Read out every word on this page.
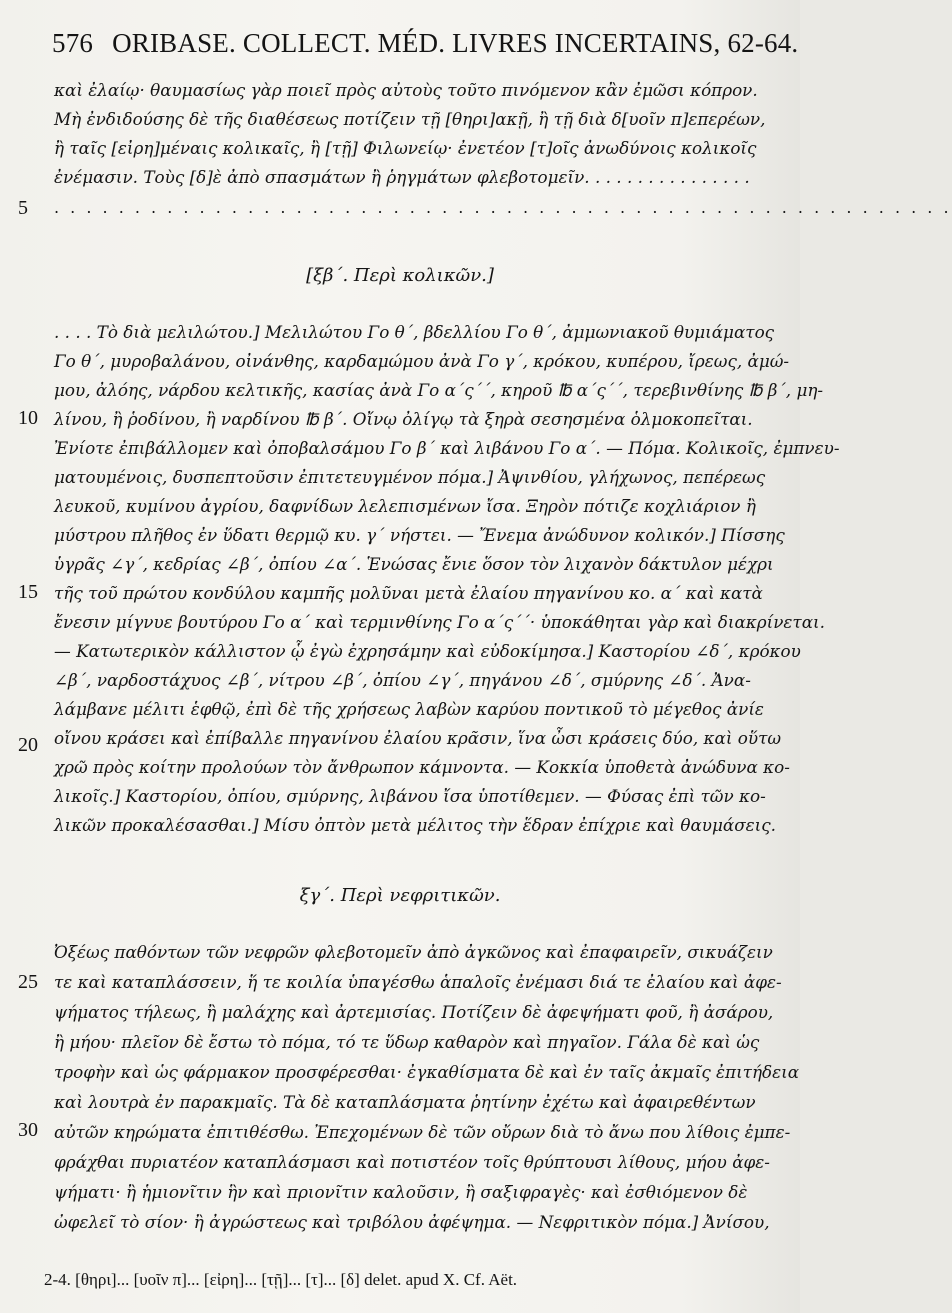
576 ORIBASE. COLLECT. MÉD. LIVRES INCERTAINS, 62-64.
5
10
15
20
25
30
καὶ ἐλαίῳ· θαυμασίως γὰρ ποιεῖ πρὸς αὐτοὺς τοῦτο πινόμενον κἂν ἐμῶσι κόπρον.
Μὴ ἐνδιδούσης δὲ τῆς διαθέσεως ποτίζειν τῇ [θηρι]ακῇ, ἢ τῇ διὰ δ[υοῖν π]επερέων,
ἢ ταῖς [εἰρη]μέναις κολικαῖς, ἢ [τῇ] Φιλωνείῳ· ἐνετέον [τ]οῖς ἀνωδύνοις κολικοῖς
ἐνέμασιν. Τοὺς [δ]ὲ ἀπὸ σπασμάτων ἢ ῥηγμάτων φλεβοτομεῖν. . . . . . . . . . . . . . . .
. . . . . . . . . . . . . . . . . . . . . . . . . . . . . . . . . . . . . . . . . . . . . . . . . . . . . . . .
[ξβ΄. Περὶ κολικῶν.]
. . . . Τὸ διὰ μελιλώτου.] Μελιλώτου Γο θ΄, βδελλίου Γο θ΄, ἀμμωνιακοῦ θυμιάματος
Γο θ΄, μυροβαλάνου, οἰνάνθης, καρδαμώμου ἀνὰ Γο γ΄, κρόκου, κυπέρου, ἴρεως, ἀμώ-
μου, ἀλόης, νάρδου κελτικῆς, κασίας ἀνὰ Γο α΄ς΄΄, κηροῦ ℔ α΄ς΄΄, τερεβινθίνης ℔ β΄, μη-
λίνου, ἢ ῥοδίνου, ἢ ναρδίνου ℔ β΄. Οἴνῳ ὀλίγῳ τὰ ξηρὰ σεσησμένα ὁλμοκοπεῖται.
Ἐνίοτε ἐπιβάλλομεν καὶ ὀποβαλσάμου Γο β΄ καὶ λιβάνου Γο α΄. — Πόμα. Κολικοῖς, ἐμπνευ-
ματουμένοις, δυσπεπτοῦσιν ἐπιτετευγμένον πόμα.] Ἀψινθίου, γλήχωνος, πεπέρεως
λευκοῦ, κυμίνου ἀγρίου, δαφνίδων λελεπισμένων ἴσα. Ξηρὸν πότιζε κοχλιάριον ἢ
μύστρου πλῆθος ἐν ὕδατι θερμῷ κυ. γ΄ νήστει. — Ἔνεμα ἀνώδυνον κολικόν.] Πίσσης
ὑγρᾶς ∠γ΄, κεδρίας ∠β΄, ὀπίου ∠α΄. Ἑνώσας ἔνιε ὅσον τὸν λιχανὸν δάκτυλον μέχρι
τῆς τοῦ πρώτου κονδύλου καμπῆς μολῦναι μετὰ ἐλαίου πηγανίνου κο. α΄ καὶ κατὰ
ἔνεσιν μίγνυε βουτύρου Γο α΄ καὶ τερμινθίνης Γο α΄ς΄΄· ὑποκάθηται γὰρ καὶ διακρίνεται.
— Κατωτερικὸν κάλλιστον ᾧ ἐγὼ ἐχρησάμην καὶ εὐδοκίμησα.] Καστορίου ∠δ΄, κρόκου
∠β΄, ναρδοστάχυος ∠β΄, νίτρου ∠β΄, ὀπίου ∠γ΄, πηγάνου ∠δ΄, σμύρνης ∠δ΄. Ἀνα-
λάμβανε μέλιτι ἑφθῷ, ἐπὶ δὲ τῆς χρήσεως λαβὼν καρύου ποντικοῦ τὸ μέγεθος ἀνίε
οἴνου κράσει καὶ ἐπίβαλλε πηγανίνου ἐλαίου κρᾶσιν, ἵνα ὦσι κράσεις δύο, καὶ οὕτω
χρῶ πρὸς κοίτην προλούων τὸν ἄνθρωπον κάμνοντα. — Κοκκία ὑποθετὰ ἀνώδυνα κο-
λικοῖς.] Καστορίου, ὀπίου, σμύρνης, λιβάνου ἴσα ὑποτίθεμεν. — Φύσας ἐπὶ τῶν κο-
λικῶν προκαλέσασθαι.] Μίσυ ὀπτὸν μετὰ μέλιτος τὴν ἕδραν ἐπίχριε καὶ θαυμάσεις.
ξγ΄. Περὶ νεφριτικῶν.
Ὀξέως παθόντων τῶν νεφρῶν φλεβοτομεῖν ἀπὸ ἀγκῶνος καὶ ἐπαφαιρεῖν, σικυάζειν
τε καὶ καταπλάσσειν, ἥ τε κοιλία ὑπαγέσθω ἁπαλοῖς ἐνέμασι διά τε ἐλαίου καὶ ἀφε-
ψήματος τήλεως, ἢ μαλάχης καὶ ἀρτεμισίας. Ποτίζειν δὲ ἀφεψήματι φοῦ, ἢ ἀσάρου,
ἢ μήου· πλεῖον δὲ ἔστω τὸ πόμα, τό τε ὕδωρ καθαρὸν καὶ πηγαῖον. Γάλα δὲ καὶ ὡς
τροφὴν καὶ ὡς φάρμακον προσφέρεσθαι· ἐγκαθίσματα δὲ καὶ ἐν ταῖς ἀκμαῖς ἐπιτήδεια
καὶ λουτρὰ ἐν παρακμαῖς. Τὰ δὲ καταπλάσματα ῥητίνην ἐχέτω καὶ ἀφαιρεθέντων
αὐτῶν κηρώματα ἐπιτιθέσθω. Ἐπεχομένων δὲ τῶν οὔρων διὰ τὸ ἄνω που λίθοις ἐμπε-
φράχθαι πυριατέον καταπλάσμασι καὶ ποτιστέον τοῖς θρύπτουσι λίθους, μήου ἀφε-
ψήματι· ἢ ἡμιονῖτιν ἣν καὶ πριονῖτιν καλοῦσιν, ἢ σαξιφραγὲς· καὶ ἐσθιόμενον δὲ
ὠφελεῖ τὸ σίον· ἢ ἀγρώστεως καὶ τριβόλου ἀφέψημα. — Νεφριτικὸν πόμα.] Ἀνίσου,
2-4. [θηρι]... [υοῖν π]... [εἰρη]... [τῇ]... [τ]... [δ] delet. apud X. Cf. Aët.
